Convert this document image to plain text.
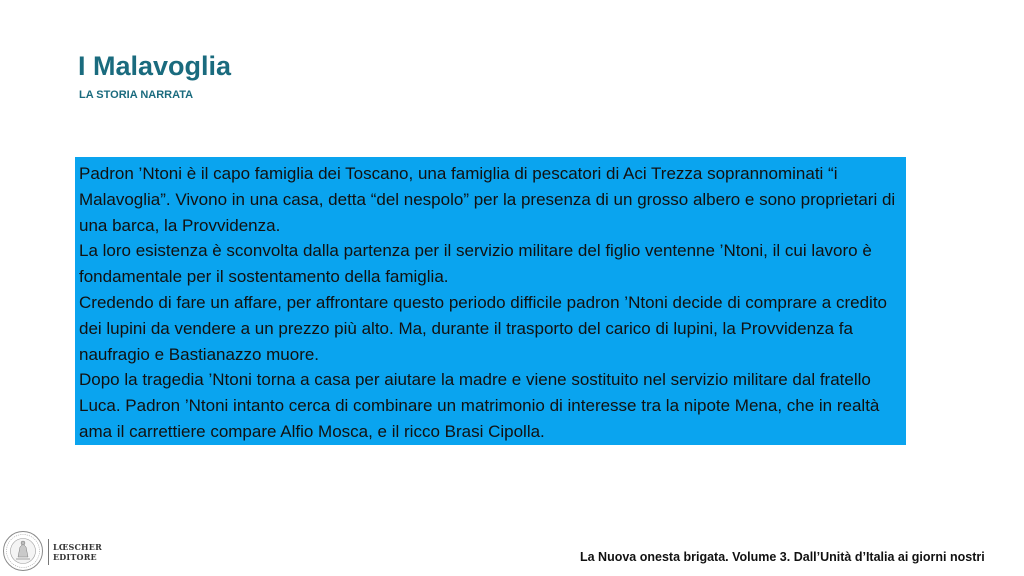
I Malavoglia
LA STORIA NARRATA

Padron ’Ntoni è il capo famiglia dei Toscano, una famiglia di pescatori di Aci Trezza soprannominati “i Malavoglia”. Vivono in una casa, detta “del nespolo” per la presenza di un grosso albero e sono proprietari di una barca, la Provvidenza.

La loro esistenza è sconvolta dalla partenza per il servizio militare del figlio ventenne ’Ntoni, il cui lavoro è fondamentale per il sostentamento della famiglia.

Credendo di fare un affare, per affrontare questo periodo difficile padron ’Ntoni decide di comprare a credito dei lupini da vendere a un prezzo più alto. Ma, durante il trasporto del carico di lupini, la Provvidenza fa naufragio e Bastianazzo muore.

Dopo la tragedia ’Ntoni torna a casa per aiutare la madre e viene sostituito nel servizio militare dal fratello Luca. Padron ’Ntoni intanto cerca di combinare un matrimonio di interesse tra la nipote Mena, che in realtà ama il carrettiere compare Alfio Mosca, e il ricco Brasi Cipolla.

LŒSCHER
EDITORE	La Nuova onesta brigata. Volume 3. Dall’Unità d’Italia ai giorni nostri
